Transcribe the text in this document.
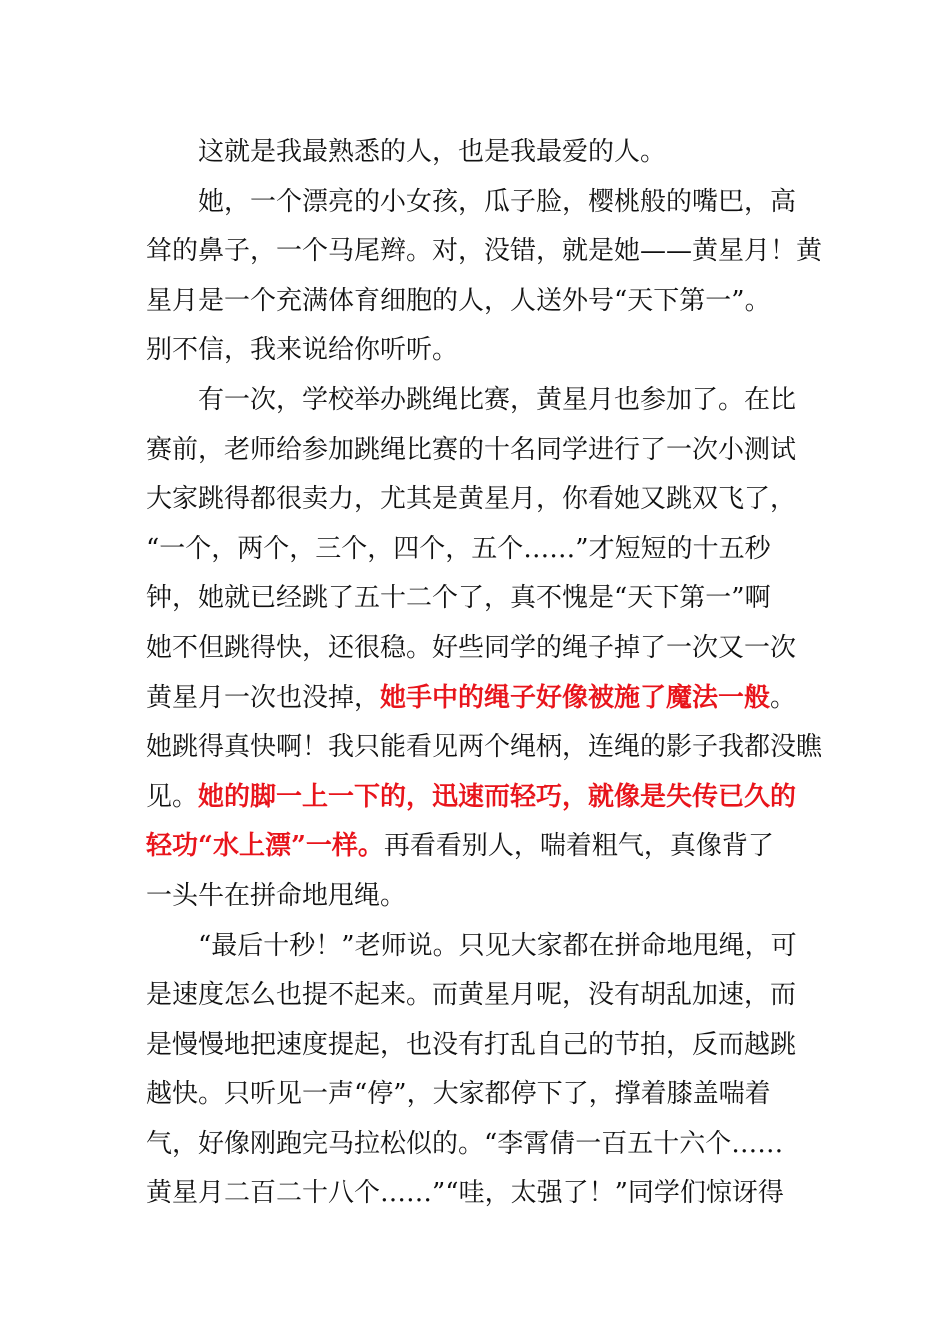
这就是我最熟悉的人，也是我最爱的人。
她，一个漂亮的小女孩，瓜子脸，樱桃般的嘴巴，高
耸的鼻子，一个马尾辫。对，没错，就是她——黄星月！黄
星月是一个充满体育细胞的人，人送外号“天下第一”。
别不信，我来说给你听听。
有一次，学校举办跳绳比赛，黄星月也参加了。在比
赛前，老师给参加跳绳比赛的十名同学进行了一次小测试
大家跳得都很卖力，尤其是黄星月，你看她又跳双飞了，
“一个，两个，三个，四个，五个……”才短短的十五秒
钟，她就已经跳了五十二个了，真不愧是“天下第一”啊
她不但跳得快，还很稳。好些同学的绳子掉了一次又一次
黄星月一次也没掉，她手中的绳子好像被施了魔法一般。
她跳得真快啊！我只能看见两个绳柄，连绳的影子我都没瞧
见。她的脚一上一下的，迅速而轻巧，就像是失传已久的
轻功“水上漂”一样。再看看别人，喘着粗气，真像背了
一头牛在拼命地甩绳。
“最后十秒！”老师说。只见大家都在拼命地甩绳，可
是速度怎么也提不起来。而黄星月呢，没有胡乱加速，而
是慢慢地把速度提起，也没有打乱自己的节拍，反而越跳
越快。只听见一声“停”，大家都停下了，撑着膝盖喘着
气，好像刚跑完马拉松似的。“李霄倩一百五十六个……
黄星月二百二十八个……”“哇，太强了！”同学们惊讶得
